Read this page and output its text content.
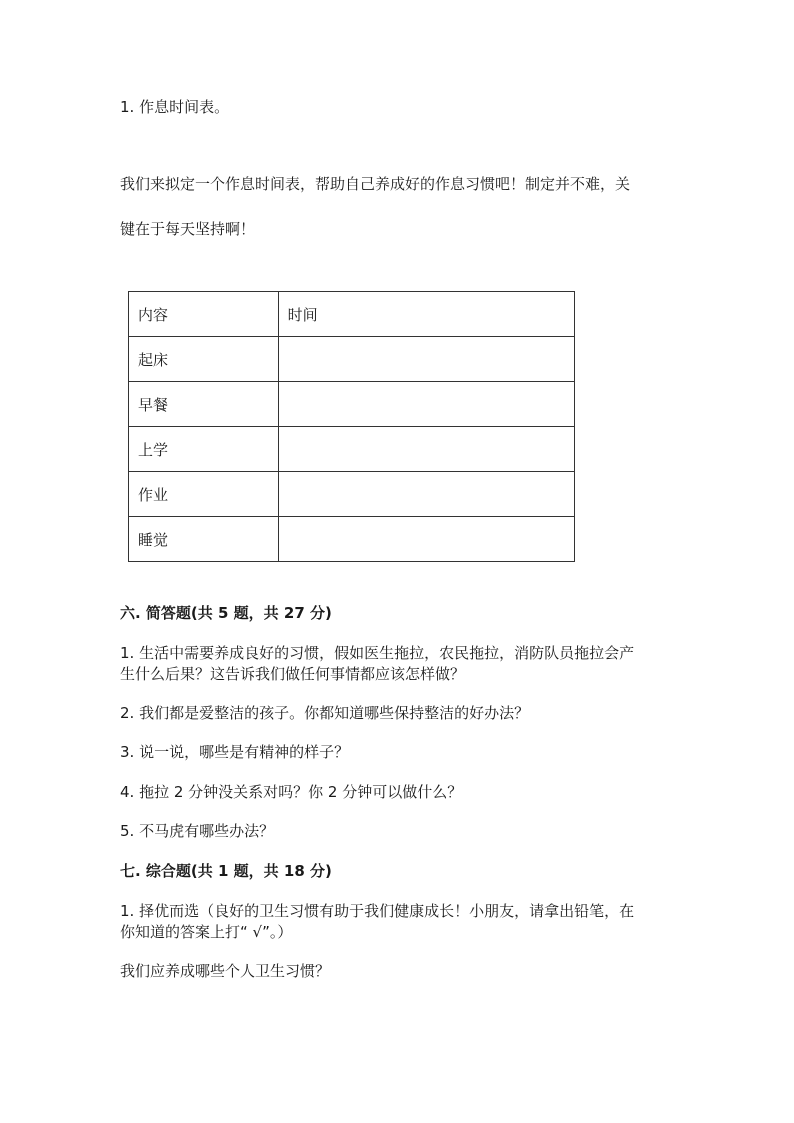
1. 作息时间表。

我们来拟定一个作息时间表，帮助自己养成好的作息习惯吧！制定并不难，关

键在于每天坚持啊！

内容	时间
起床	
早餐	
上学	
作业	
睡觉	

六. 简答题(共 5 题，共 27 分)

1. 生活中需要养成良好的习惯，假如医生拖拉，农民拖拉，消防队员拖拉会产

生什么后果？这告诉我们做任何事情都应该怎样做？

2. 我们都是爱整洁的孩子。你都知道哪些保持整洁的好办法？

3. 说一说，哪些是有精神的样子？

4. 拖拉 2 分钟没关系对吗？你 2 分钟可以做什么？

5. 不马虎有哪些办法？

七. 综合题(共 1 题，共 18 分)

1. 择优而选（良好的卫生习惯有助于我们健康成长！小朋友，请拿出铅笔，在

你知道的答案上打“ √”。）

我们应养成哪些个人卫生习惯？
